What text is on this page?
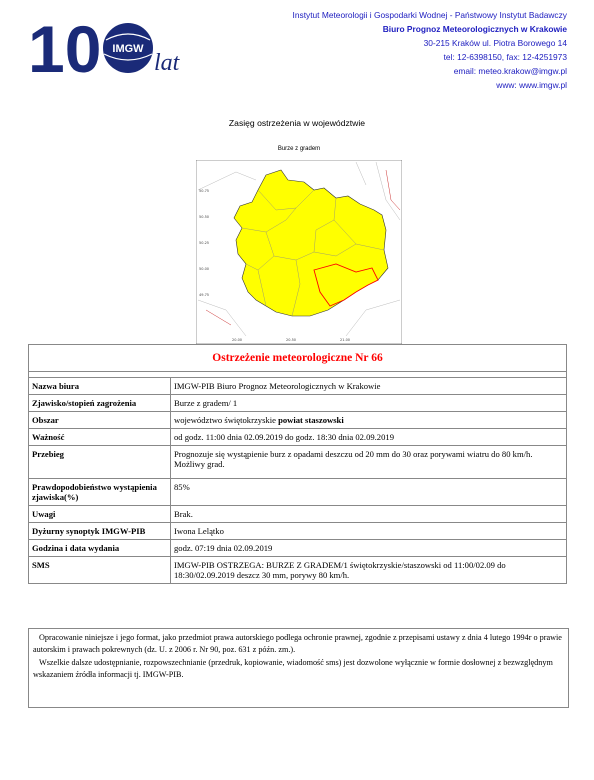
10 IMGW
lat
Instytut Meteorologii i Gospodarki Wodnej - Państwowy Instytut Badawczy
Biuro Prognoz Meteorologicznych w Krakowie
30-215 Kraków ul. Piotra Borowego 14
tel: 12-6398150, fax: 12-4251973
email: meteo.krakow@imgw.pl
www: www.imgw.pl
Zasięg ostrzeżenia w województwie
Burze z gradem
50.75
50.50
50.25
50.00
49.75
20.00	20.50	21.00
Ostrzeżenie meteorologiczne Nr 66	

Nazwa biura	IMGW-PIB Biuro Prognoz Meteorologicznych w Krakowie
Zjawisko/stopień zagrożenia	Burze z gradem/ 1
Obszar	województwo świętokrzyskie powiat staszowski
Ważność	od godz. 11:00 dnia 02.09.2019 do godz. 18:30 dnia 02.09.2019
Przebieg	Prognozuje się wystąpienie burz z opadami deszczu od 20 mm do 30 oraz porywami wiatru do 80 km/h. Możliwy grad.
Prawdopodobieństwo wystąpienia zjawiska(%)	85%
Uwagi	Brak.
Dyżurny synoptyk IMGW-PIB	Iwona Lelątko
Godzina i data wydania	godz. 07:19 dnia 02.09.2019
SMS	IMGW-PIB OSTRZEGA: BURZE Z GRADEM/1 świętokrzyskie/staszowski od 11:00/02.09 do 18:30/02.09.2019 deszcz 30 mm, porywy 80 km/h.

Opracowanie niniejsze i jego format, jako przedmiot prawa autorskiego podlega ochronie prawnej, zgodnie z przepisami ustawy z dnia 4 lutego 1994r o prawie autorskim i prawach pokrewnych (dz. U. z 2006 r. Nr 90, poz. 631 z późn. zm.).

Wszelkie dalsze udostępnianie, rozpowszechnianie (przedruk, kopiowanie, wiadomość sms) jest dozwolone wyłącznie w formie dosłownej z bezwzględnym wskazaniem źródła informacji tj. IMGW-PIB.
